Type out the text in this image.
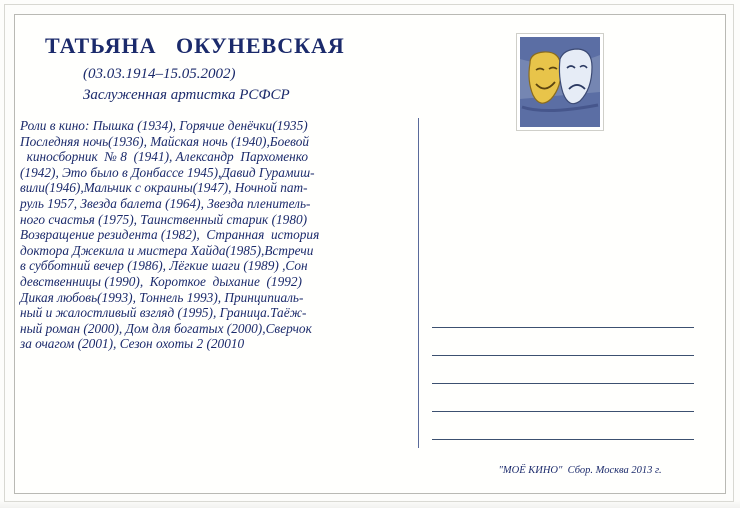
ТАТЬЯНА   ОКУНЕВСКАЯ
(03.03.1914–15.05.2002)
Заслуженная артистка РСФСР
Роли в кино: Пышка (1934), Горячие денёчки(1935)
Последняя ночь(1936), Майская ночь (1940),Боевой
киносборник  № 8  (1941), Александр  Пархоменко
(1942), Это было в Донбассе 1945),Давид Гурамиш-
вили(1946),Мальчик с окраины(1947), Ночной пат-
руль 1957, Звезда балета (1964), Звезда пленитель-
ного счастья (1975), Таинственный старик (1980)
Возвращение резидента (1982),  Странная  история
доктора Джекила и мистера Хайда(1985),Встречи
в субботний вечер (1986), Лёгкие шаги (1989) ,Сон
девственницы (1990),  Короткое  дыхание  (1992)
Дикая любовь(1993), Тоннель 1993), Принципиаль-
ный и жалостливый взгляд (1995), Граница.Таёж-
ный роман (2000), Дом для богатых (2000),Сверчок
за очагом (2001), Сезон охоты 2 (20010

"МОЁ КИНО"  Сбор. Москва 2013 г.
